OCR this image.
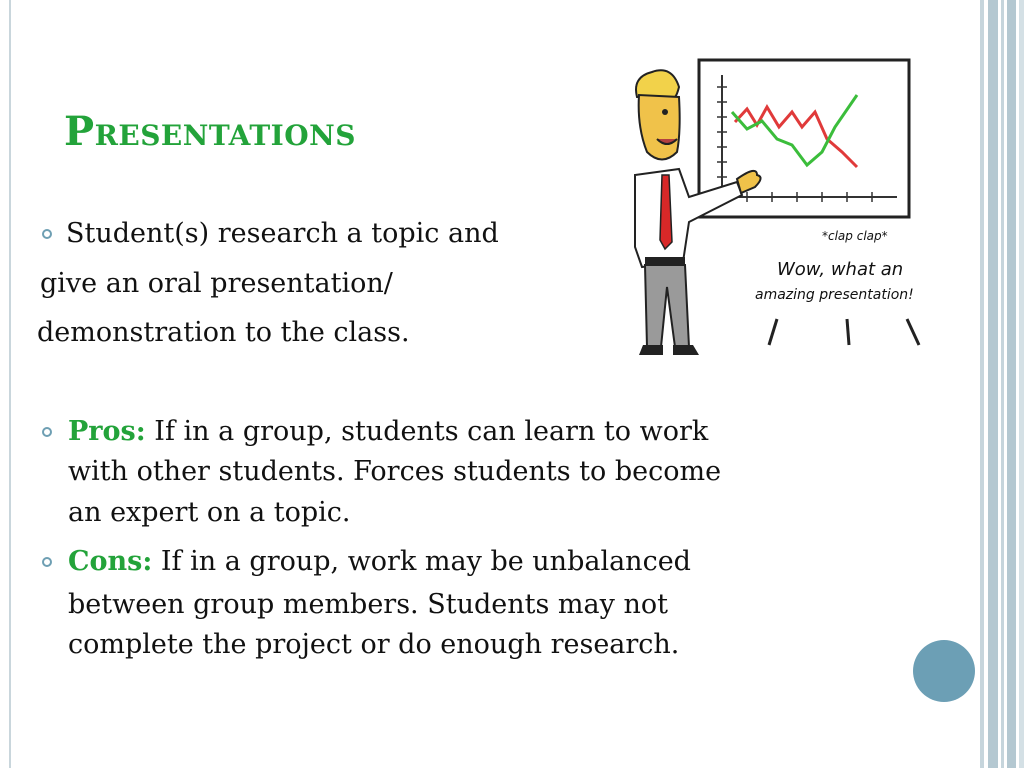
Presentations
Student(s) research a topic and
give an oral presentation/
demonstration to the class.
Pros: If in a group, students can learn to work
with other students. Forces students to become
an expert on a topic.
Cons: If in a group, work may be unbalanced
between group members. Students may not
complete the project or do enough research.
*clap clap*
Wow, what an
amazing presentation!
